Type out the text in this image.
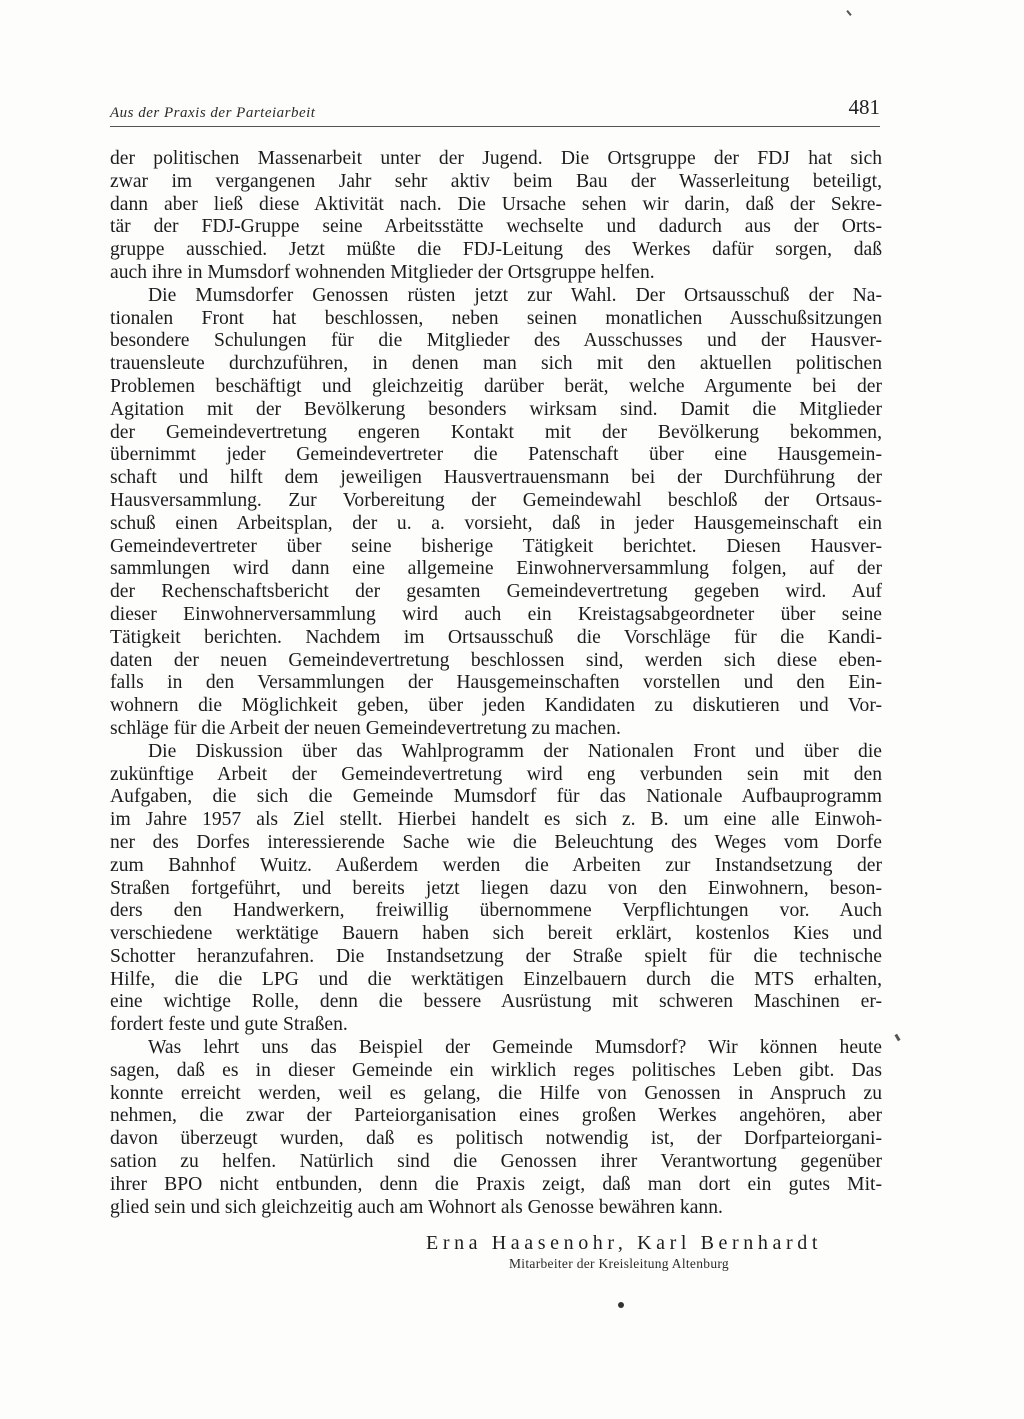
Aus der Praxis der Parteiarbeit	481
der politischen Massenarbeit unter der Jugend. Die Ortsgruppe der FDJ hat sich
zwar im vergangenen Jahr sehr aktiv beim Bau der Wasserleitung beteiligt,
dann aber ließ diese Aktivität nach. Die Ursache sehen wir darin, daß der Sekre-
tär der FDJ-Gruppe seine Arbeitsstätte wechselte und dadurch aus der Orts-
gruppe ausschied. Jetzt müßte die FDJ-Leitung des Werkes dafür sorgen, daß
auch ihre in Mumsdorf wohnenden Mitglieder der Ortsgruppe helfen.
Die Mumsdorfer Genossen rüsten jetzt zur Wahl. Der Ortsausschuß der Na-
tionalen Front hat beschlossen, neben seinen monatlichen Ausschußsitzungen
besondere Schulungen für die Mitglieder des Ausschusses und der Hausver-
trauensleute durchzuführen, in denen man sich mit den aktuellen politischen
Problemen beschäftigt und gleichzeitig darüber berät, welche Argumente bei der
Agitation mit der Bevölkerung besonders wirksam sind. Damit die Mitglieder
der Gemeindevertretung engeren Kontakt mit der Bevölkerung bekommen,
übernimmt jeder Gemeindevertreter die Patenschaft über eine Hausgemein-
schaft und hilft dem jeweiligen Hausvertrauensmann bei der Durchführung der
Hausversammlung. Zur Vorbereitung der Gemeindewahl beschloß der Ortsaus-
schuß einen Arbeitsplan, der u. a. vorsieht, daß in jeder Hausgemeinschaft ein
Gemeindevertreter über seine bisherige Tätigkeit berichtet. Diesen Hausver-
sammlungen wird dann eine allgemeine Einwohnerversammlung folgen, auf der
der Rechenschaftsbericht der gesamten Gemeindevertretung gegeben wird. Auf
dieser Einwohnerversammlung wird auch ein Kreistagsabgeordneter über seine
Tätigkeit berichten. Nachdem im Ortsausschuß die Vorschläge für die Kandi-
daten der neuen Gemeindevertretung beschlossen sind, werden sich diese eben-
falls in den Versammlungen der Hausgemeinschaften vorstellen und den Ein-
wohnern die Möglichkeit geben, über jeden Kandidaten zu diskutieren und Vor-
schläge für die Arbeit der neuen Gemeindevertretung zu machen.
Die Diskussion über das Wahlprogramm der Nationalen Front und über die
zukünftige Arbeit der Gemeindevertretung wird eng verbunden sein mit den
Aufgaben, die sich die Gemeinde Mumsdorf für das Nationale Aufbauprogramm
im Jahre 1957 als Ziel stellt. Hierbei handelt es sich z. B. um eine alle Einwoh-
ner des Dorfes interessierende Sache wie die Beleuchtung des Weges vom Dorfe
zum Bahnhof Wuitz. Außerdem werden die Arbeiten zur Instandsetzung der
Straßen fortgeführt, und bereits jetzt liegen dazu von den Einwohnern, beson-
ders den Handwerkern, freiwillig übernommene Verpflichtungen vor. Auch
verschiedene werktätige Bauern haben sich bereit erklärt, kostenlos Kies und
Schotter heranzufahren. Die Instandsetzung der Straße spielt für die technische
Hilfe, die die LPG und die werktätigen Einzelbauern durch die MTS erhalten,
eine wichtige Rolle, denn die bessere Ausrüstung mit schweren Maschinen er-
fordert feste und gute Straßen.
Was lehrt uns das Beispiel der Gemeinde Mumsdorf? Wir können heute
sagen, daß es in dieser Gemeinde ein wirklich reges politisches Leben gibt. Das
konnte erreicht werden, weil es gelang, die Hilfe von Genossen in Anspruch zu
nehmen, die zwar der Parteiorganisation eines großen Werkes angehören, aber
davon überzeugt wurden, daß es politisch notwendig ist, der Dorfparteiorgani-
sation zu helfen. Natürlich sind die Genossen ihrer Verantwortung gegenüber
ihrer BPO nicht entbunden, denn die Praxis zeigt, daß man dort ein gutes Mit-
glied sein und sich gleichzeitig auch am Wohnort als Genosse bewähren kann.
Erna Haasenohr, Karl Bernhardt
Mitarbeiter der Kreisleitung Altenburg
